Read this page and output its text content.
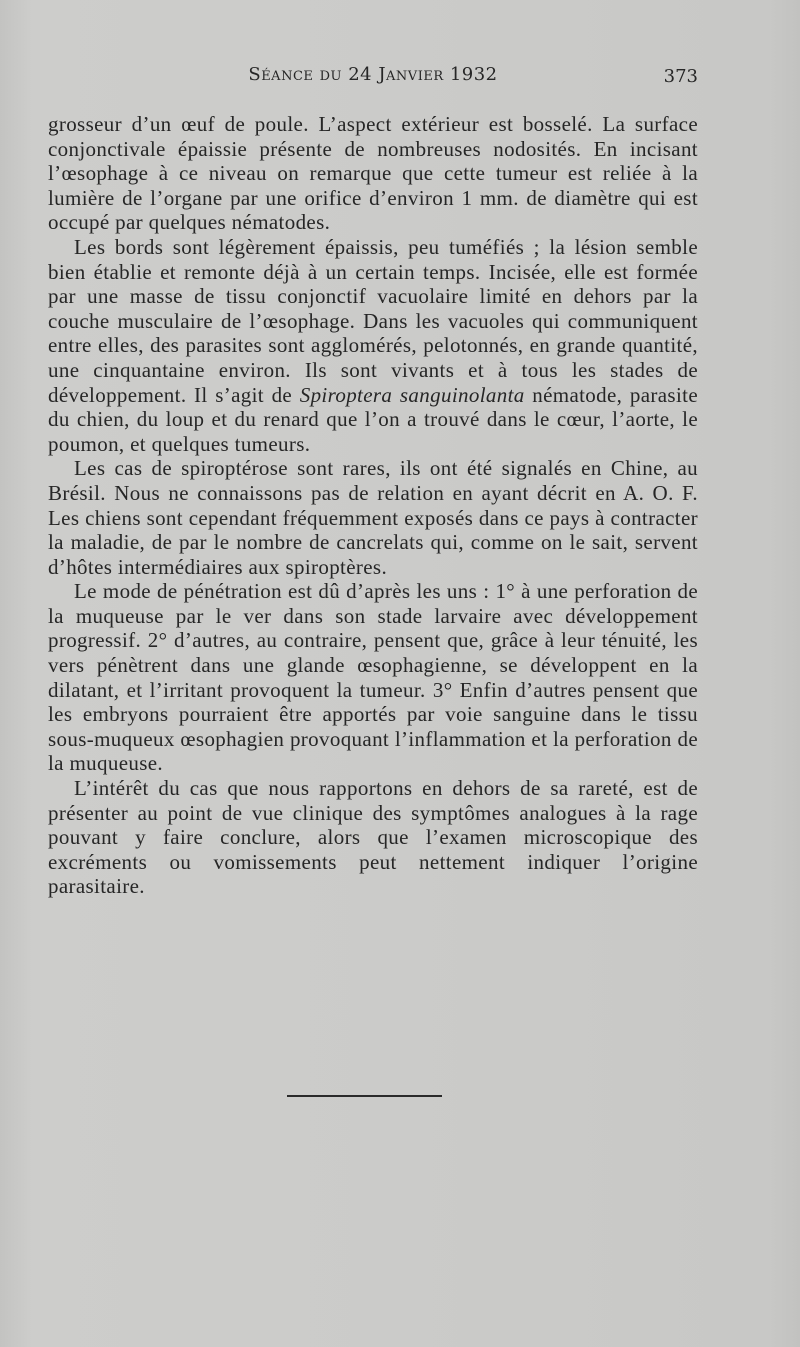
Séance du 24 Janvier 1932	373

grosseur d’un œuf de poule. L’aspect extérieur est bosselé. La surface conjonctivale épaissie présente de nombreuses nodosités. En incisant l’œsophage à ce niveau on remarque que cette tumeur est reliée à la lumière de l’organe par une orifice d’environ 1 mm. de diamètre qui est occupé par quelques nématodes.

Les bords sont légèrement épaissis, peu tuméfiés ; la lésion semble bien établie et remonte déjà à un certain temps. Incisée, elle est formée par une masse de tissu conjonctif vacuolaire limité en dehors par la couche musculaire de l’œsophage. Dans les vacuoles qui communiquent entre elles, des parasites sont agglomérés, pelotonnés, en grande quantité, une cinquantaine environ. Ils sont vivants et à tous les stades de développement. Il s’agit de Spiroptera sanguinolanta nématode, parasite du chien, du loup et du renard que l’on a trouvé dans le cœur, l’aorte, le poumon, et quelques tumeurs.

Les cas de spiroptérose sont rares, ils ont été signalés en Chine, au Brésil. Nous ne connaissons pas de relation en ayant décrit en A. O. F. Les chiens sont cependant fréquemment exposés dans ce pays à contracter la maladie, de par le nombre de cancrelats qui, comme on le sait, servent d’hôtes intermédiaires aux spiroptères.

Le mode de pénétration est dû d’après les uns : 1° à une perforation de la muqueuse par le ver dans son stade larvaire avec développement progressif. 2° d’autres, au contraire, pensent que, grâce à leur ténuité, les vers pénètrent dans une glande œsophagienne, se développent en la dilatant, et l’irritant provoquent la tumeur. 3° Enfin d’autres pensent que les embryons pourraient être apportés par voie sanguine dans le tissu sous-muqueux œsophagien provoquant l’inflammation et la perforation de la muqueuse.

L’intérêt du cas que nous rapportons en dehors de sa rareté, est de présenter au point de vue clinique des symptômes analogues à la rage pouvant y faire conclure, alors que l’examen microscopique des excréments ou vomissements peut nettement indiquer l’origine parasitaire.
